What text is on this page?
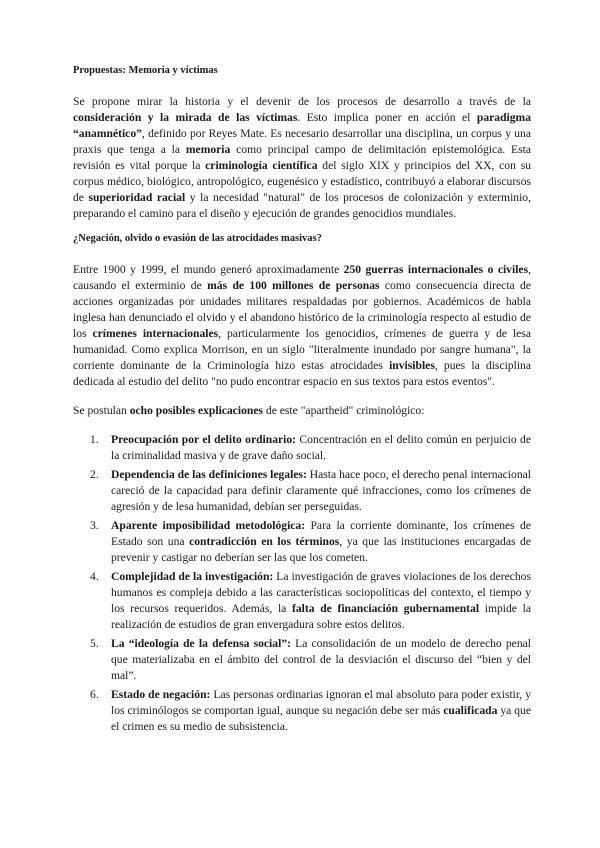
Propuestas: Memoria y víctimas

Se propone mirar la historia y el devenir de los procesos de desarrollo a través de la consideración y la mirada de las víctimas. Esto implica poner en acción el paradigma “anamnético”, definido por Reyes Mate. Es necesario desarrollar una disciplina, un corpus y una praxis que tenga a la memoria como principal campo de delimitación epistemológica. Esta revisión es vital porque la criminología científica del siglo XIX y principios del XX, con su corpus médico, biológico, antropológico, eugenésico y estadístico, contribuyó a elaborar discursos de superioridad racial y la necesidad "natural" de los procesos de colonización y exterminio, preparando el camino para el diseño y ejecución de grandes genocidios mundiales.

¿Negación, olvido o evasión de las atrocidades masivas?

Entre 1900 y 1999, el mundo generó aproximadamente 250 guerras internacionales o civiles, causando el exterminio de más de 100 millones de personas como consecuencia directa de acciones organizadas por unidades militares respaldadas por gobiernos. Académicos de habla inglesa han denunciado el olvido y el abandono histórico de la criminología respecto al estudio de los crímenes internacionales, particularmente los genocidios, crímenes de guerra y de lesa humanidad. Como explica Morrison, en un siglo "literalmente inundado por sangre humana", la corriente dominante de la Criminología hizo estas atrocidades invisibles, pues la disciplina dedicada al estudio del delito "no pudo encontrar espacio en sus textos para estos eventos".

Se postulan ocho posibles explicaciones de este "apartheid" criminológico:

1. Preocupación por el delito ordinario: Concentración en el delito común en perjuicio de la criminalidad masiva y de grave daño social.
2. Dependencia de las definiciones legales: Hasta hace poco, el derecho penal internacional careció de la capacidad para definir claramente qué infracciones, como los crímenes de agresión y de lesa humanidad, debían ser perseguidas.
3. Aparente imposibilidad metodológica: Para la corriente dominante, los crímenes de Estado son una contradicción en los términos, ya que las instituciones encargadas de prevenir y castigar no deberían ser las que los cometen.
4. Complejidad de la investigación: La investigación de graves violaciones de los derechos humanos es compleja debido a las características sociopolíticas del contexto, el tiempo y los recursos requeridos. Además, la falta de financiación gubernamental impide la realización de estudios de gran envergadura sobre estos delitos.
5. La “ideología de la defensa social”: La consolidación de un modelo de derecho penal que materializaba en el ámbito del control de la desviación el discurso del “bien y del mal”.
6. Estado de negación: Las personas ordinarias ignoran el mal absoluto para poder existir, y los criminólogos se comportan igual, aunque su negación debe ser más cualificada ya que el crimen es su medio de subsistencia.
